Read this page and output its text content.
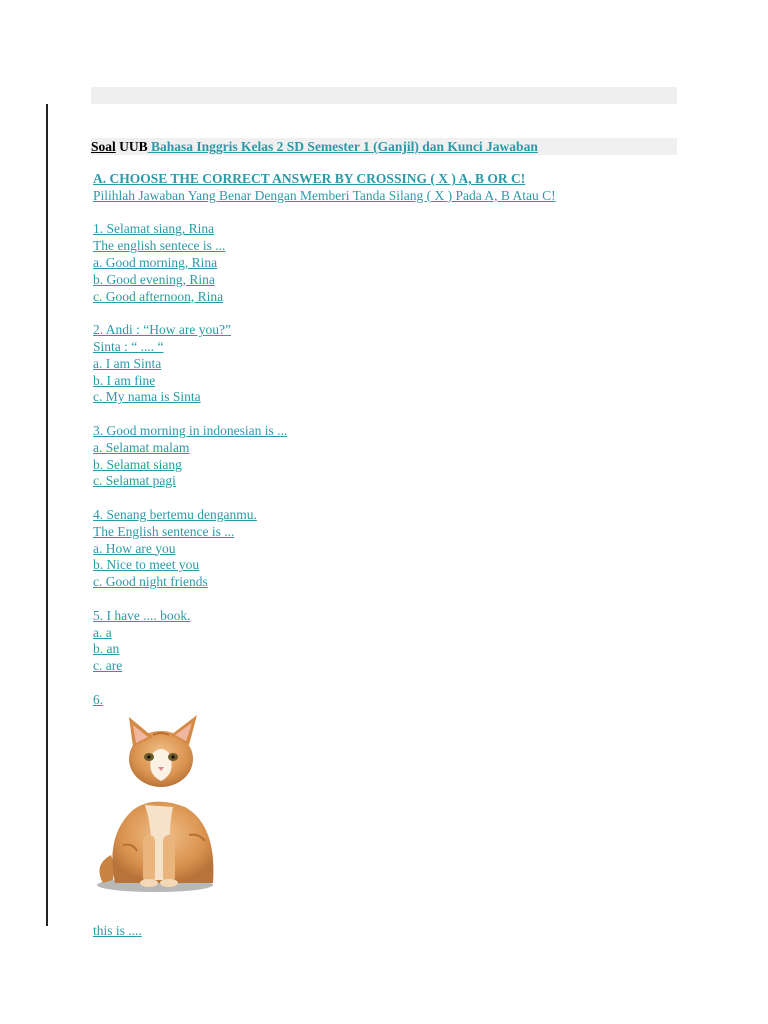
Soal UUB Bahasa Inggris Kelas 2 SD Semester 1 (Ganjil) dan Kunci Jawaban
A. CHOOSE THE CORRECT ANSWER BY CROSSING ( X ) A, B OR C!
Pilihlah Jawaban Yang Benar Dengan Memberi Tanda Silang ( X ) Pada A, B Atau C!
1. Selamat siang, Rina
The english sentece is ...
a. Good morning, Rina
b. Good evening, Rina
c. Good afternoon, Rina
2. Andi : “How are you?”
Sinta : “ .... “
a. I am Sinta
b. I am fine
c. My nama is Sinta
3. Good morning in indonesian is ...
a. Selamat malam
b. Selamat siang
c. Selamat pagi
4. Senang bertemu denganmu.
The English sentence is ...
a. How are you
b. Nice to meet you
c. Good night friends
5. I have .... book.
a. a
b. an
c. are
6.
this is ....
